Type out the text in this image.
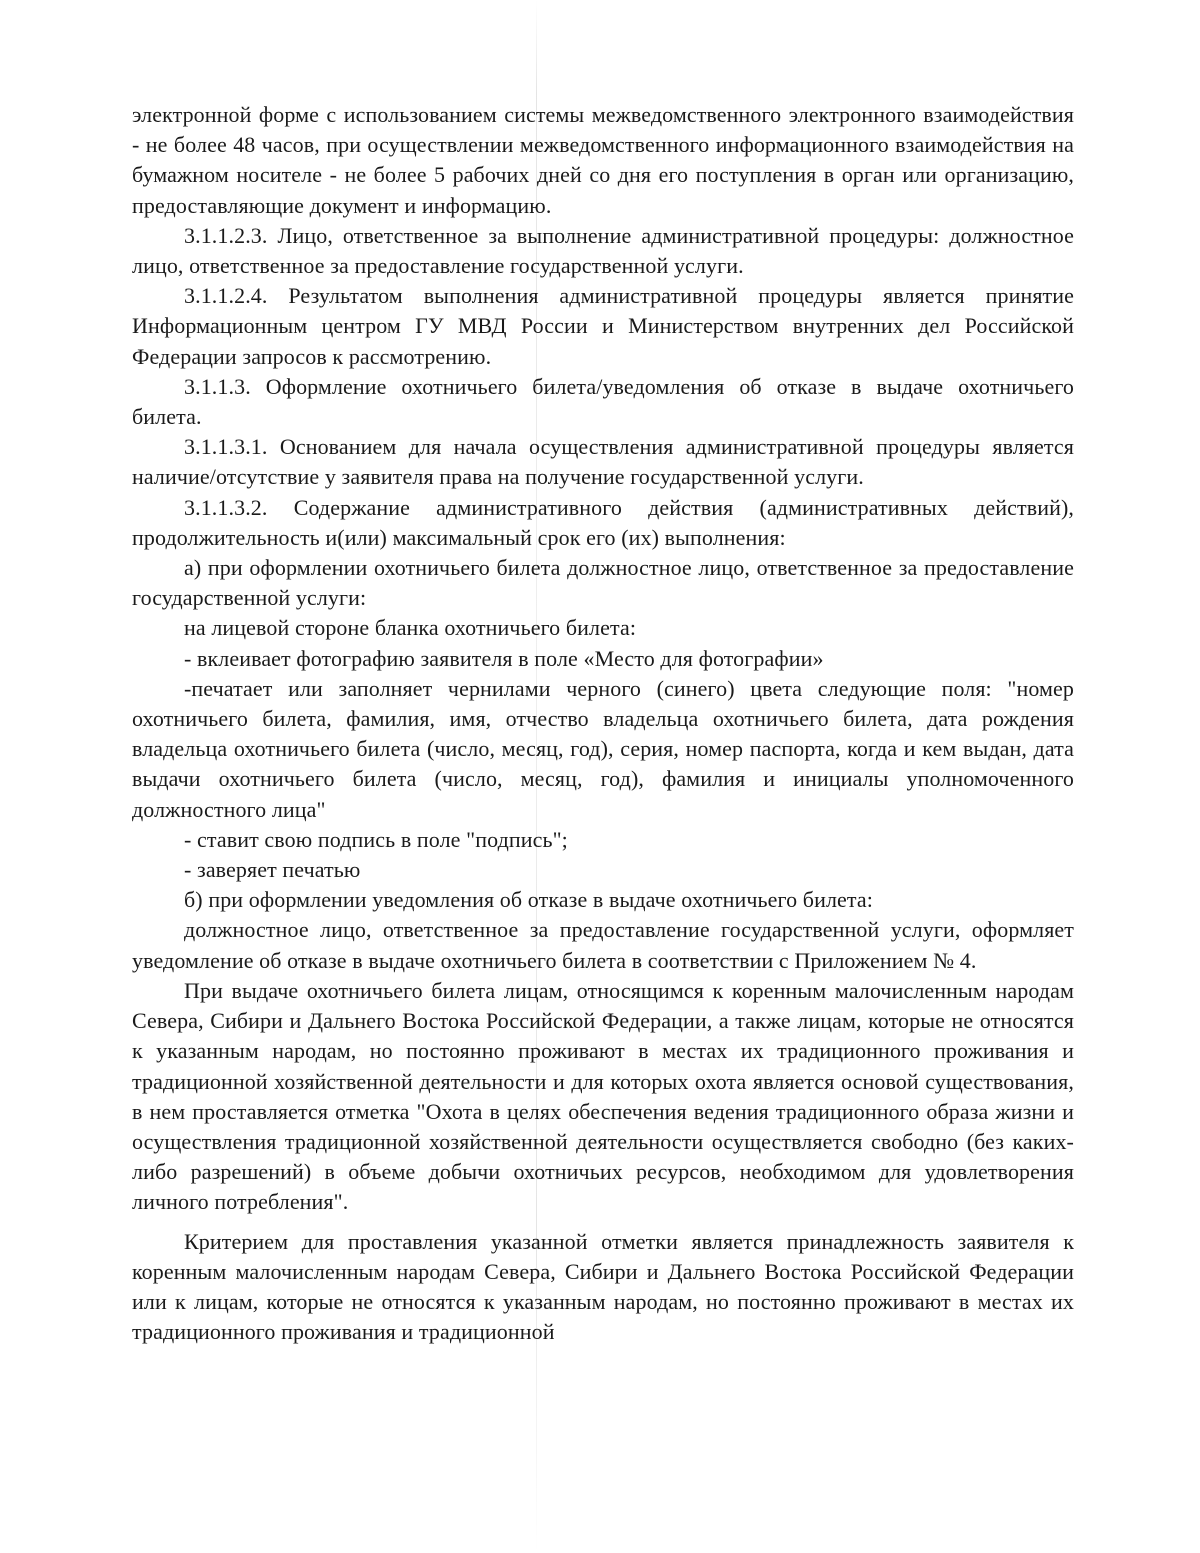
электронной форме с использованием системы межведомственного электронного взаимодействия - не более 48 часов, при осуществлении межведомственного информационного взаимодействия на бумажном носителе - не более 5 рабочих дней со дня его поступления в орган или организацию, предоставляющие документ и информацию.

3.1.1.2.3. Лицо, ответственное за выполнение административной процедуры: должностное лицо, ответственное за предоставление государственной услуги.

3.1.1.2.4. Результатом выполнения административной процедуры является принятие Информационным центром ГУ МВД России и Министерством внутренних дел Российской Федерации запросов к рассмотрению.

3.1.1.3. Оформление охотничьего билета/уведомления об отказе в выдаче охотничьего билета.

3.1.1.3.1. Основанием для начала осуществления административной процедуры является наличие/отсутствие у заявителя права на получение государственной услуги.

3.1.1.3.2. Содержание административного действия (административных действий), продолжительность и(или) максимальный срок его (их) выполнения:

а) при оформлении охотничьего билета должностное лицо, ответственное за предоставление государственной услуги:

на лицевой стороне бланка охотничьего билета:

- вклеивает фотографию заявителя в поле «Место для фотографии»

-печатает или заполняет чернилами черного (синего) цвета следующие поля: "номер охотничьего билета, фамилия, имя, отчество владельца охотничьего билета, дата рождения владельца охотничьего билета (число, месяц, год), серия, номер паспорта, когда и кем выдан, дата выдачи охотничьего билета (число, месяц, год), фамилия и инициалы уполномоченного должностного лица"

- ставит свою подпись в поле "подпись";

- заверяет печатью

б) при оформлении уведомления об отказе в выдаче охотничьего билета:

должностное лицо, ответственное за предоставление государственной услуги, оформляет уведомление об отказе в выдаче охотничьего билета в соответствии с Приложением № 4.

При выдаче охотничьего билета лицам, относящимся к коренным малочисленным народам Севера, Сибири и Дальнего Востока Российской Федерации, а также лицам, которые не относятся к указанным народам, но постоянно проживают в местах их традиционного проживания и традиционной хозяйственной деятельности и для которых охота является основой существования, в нем проставляется отметка "Охота в целях обеспечения ведения традиционного образа жизни и осуществления традиционной хозяйственной деятельности осуществляется свободно (без каких-либо разрешений) в объеме добычи охотничьих ресурсов, необходимом для удовлетворения личного потребления".

Критерием для проставления указанной отметки является принадлежность заявителя к коренным малочисленным народам Севера, Сибири и Дальнего Востока Российской Федерации или к лицам, которые не относятся к указанным народам, но постоянно проживают в местах их традиционного проживания и традиционной
